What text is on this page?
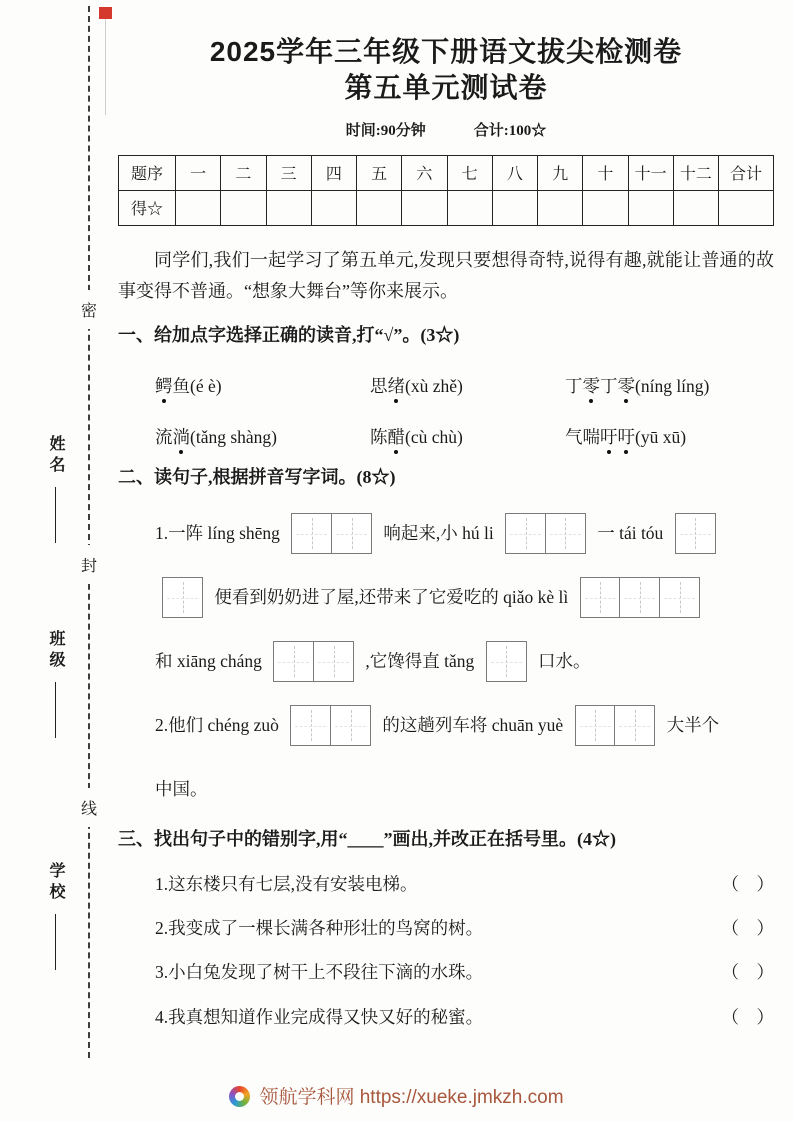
密
封
线
姓名
班级
学校
2025学年三年级下册语文拔尖检测卷
第五单元测试卷
时间:90分钟	合计:100☆
题序	一	二	三	四	五	六	七	八	九	十	十一	十二	合计
得☆													

同学们,我们一起学习了第五单元,发现只要想得奇特,说得有趣,就能让普通的故事变得不普通。“想象大舞台”等你来展示。

一、给加点字选择正确的读音,打“√”。(3☆)
鳄鱼(é è)	思绪(xù zhě)	丁零丁零(níng líng)
流淌(tǎng shàng)	陈醋(cù chù)	气喘吁吁(yū xū)
二、读句子,根据拼音写字词。(8☆)
1.一阵 líng shēng	响起来,小 hú li	一 tái tóu
便看到奶奶进了屋,还带来了它爱吃的 qiǎo kè lì
和 xiāng cháng	,它馋得直 tǎng	口水。
2.他们 chéng zuò	的这趟列车将 chuān yuè	大半个
中国。
三、找出句子中的错别字,用“____”画出,并改正在括号里。(4☆)
1.这东楼只有七层,没有安装电梯。	（　）
2.我变成了一棵长满各种形壮的鸟窝的树。	（　）
3.小白兔发现了树干上不段往下滴的水珠。	（　）
4.我真想知道作业完成得又快又好的秘蜜。	（　）
领航学科网 https://xueke.jmkzh.com
